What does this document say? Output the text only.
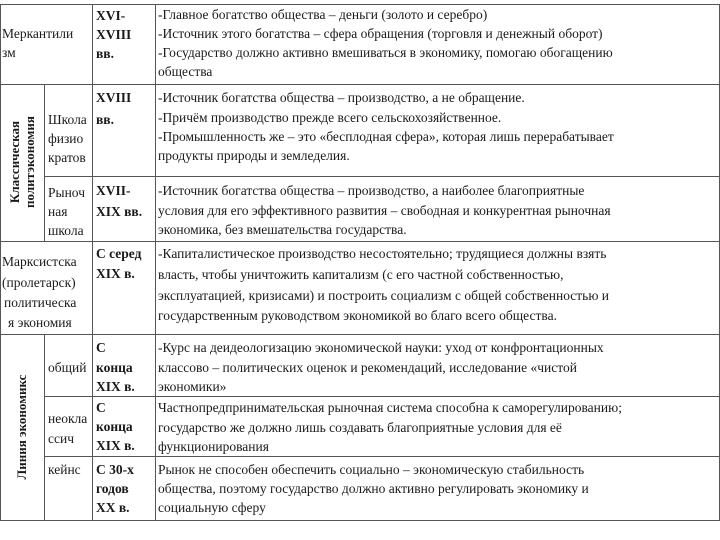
Меркантили
зм
XVI-
XVIII
вв.
-Главное богатство общества – деньги (золото и серебро)
-Источник этого богатства – сфера обращения (торговля и денежный оборот)
-Государство должно активно вмешиваться в экономику, помогаю обогащению
общества
Классическая политэкономия Школа
физио
кратов
XVIII
вв.
-Источник богатства общества – производство, а не обращение.
-Причём производство прежде всего сельскохозяйственное.
-Промышленность же – это «бесплодная сфера», которая лишь перерабатывает
продукты природы и земледелия.
Рыноч
ная
школа
XVII-
XIX вв.
-Источник богатства общества – производство, а наиболее благоприятные
условия для его эффективного развития – свободная и конкурентная рыночная
экономика, без вмешательства государства.
Марксистска
(пролетарск)
политическа
я экономия
С серед
XIX в.
-Капиталистическое производство несостоятельно; трудящиеся должны взять
власть, чтобы уничтожить капитализм (с его частной собственностью,
эксплуатацией, кризисами) и построить социализм с общей собственностью и
государственным руководством экономикой во благо всего общества.
Линия экономикс
общий
С
конца
XIX в.
-Курс на деидеологизацию экономической науки: уход от конфронтационных
классово – политических оценок и рекомендаций, исследование «чистой
экономики»
неокла
ссич
С
конца
XIX в.
Частнопредпринимательская рыночная система способна к саморегулированию;
государство же должно лишь создавать благоприятные условия для её
функционирования
кейнс С 30-х
годов
XX в.
Рынок не способен обеспечить социально – экономическую стабильность
общества, поэтому государство должно активно регулировать экономику и
социальную сферу
